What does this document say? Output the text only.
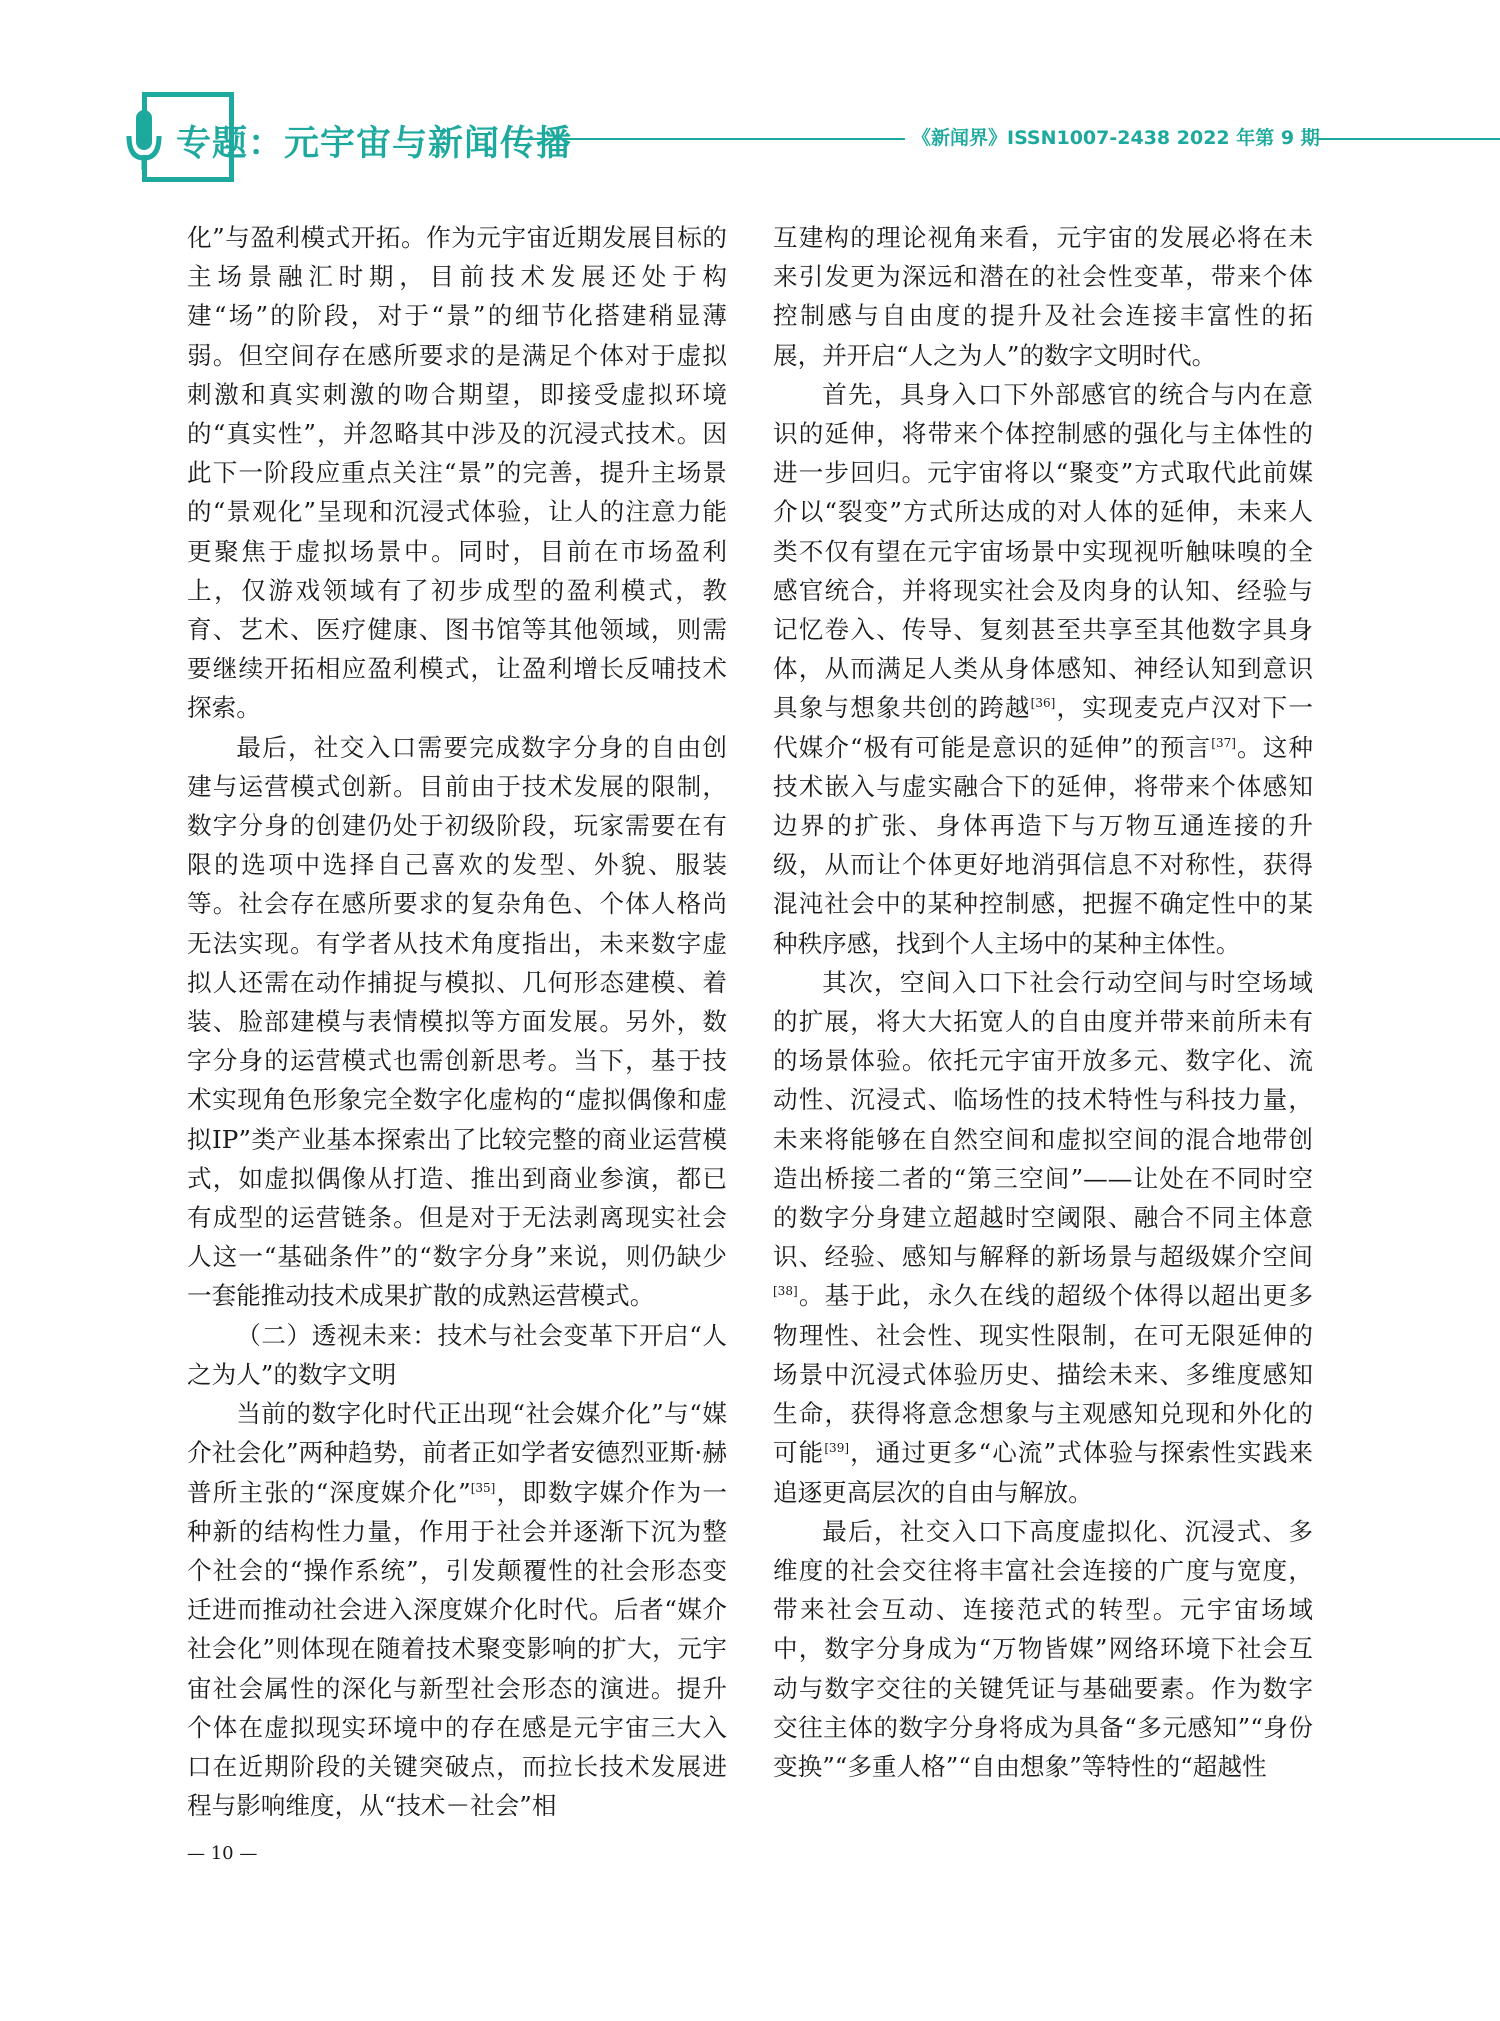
专题：元宇宙与新闻传播	《新闻界》ISSN1007-2438 2022 年第 9 期

化”与盈利模式开拓。作为元宇宙近期发展目标的主场景融汇时期，目前技术发展还处于构建“场”的阶段，对于“景”的细节化搭建稍显薄弱。但空间存在感所要求的是满足个体对于虚拟刺激和真实刺激的吻合期望，即接受虚拟环境的“真实性”，并忽略其中涉及的沉浸式技术。因此下一阶段应重点关注“景”的完善，提升主场景的“景观化”呈现和沉浸式体验，让人的注意力能更聚焦于虚拟场景中。同时，目前在市场盈利上，仅游戏领域有了初步成型的盈利模式，教育、艺术、医疗健康、图书馆等其他领域，则需要继续开拓相应盈利模式，让盈利增长反哺技术探索。

最后，社交入口需要完成数字分身的自由创建与运营模式创新。目前由于技术发展的限制，数字分身的创建仍处于初级阶段，玩家需要在有限的选项中选择自己喜欢的发型、外貌、服装等。社会存在感所要求的复杂角色、个体人格尚无法实现。有学者从技术角度指出，未来数字虚拟人还需在动作捕捉与模拟、几何形态建模、着装、脸部建模与表情模拟等方面发展。另外，数字分身的运营模式也需创新思考。当下，基于技术实现角色形象完全数字化虚构的“虚拟偶像和虚拟IP”类产业基本探索出了比较完整的商业运营模式，如虚拟偶像从打造、推出到商业参演，都已有成型的运营链条。但是对于无法剥离现实社会人这一“基础条件”的“数字分身”来说，则仍缺少一套能推动技术成果扩散的成熟运营模式。

（二）透视未来：技术与社会变革下开启“人之为人”的数字文明

当前的数字化时代正出现“社会媒介化”与“媒介社会化”两种趋势，前者正如学者安德烈亚斯·赫普所主张的“深度媒介化”[35]，即数字媒介作为一种新的结构性力量，作用于社会并逐渐下沉为整个社会的“操作系统”，引发颠覆性的社会形态变迁进而推动社会进入深度媒介化时代。后者“媒介社会化”则体现在随着技术聚变影响的扩大，元宇宙社会属性的深化与新型社会形态的演进。提升个体在虚拟现实环境中的存在感是元宇宙三大入口在近期阶段的关键突破点，而拉长技术发展进程与影响维度，从“技术－社会”相

互建构的理论视角来看，元宇宙的发展必将在未来引发更为深远和潜在的社会性变革，带来个体控制感与自由度的提升及社会连接丰富性的拓展，并开启“人之为人”的数字文明时代。

首先，具身入口下外部感官的统合与内在意识的延伸，将带来个体控制感的强化与主体性的进一步回归。元宇宙将以“聚变”方式取代此前媒介以“裂变”方式所达成的对人体的延伸，未来人类不仅有望在元宇宙场景中实现视听触味嗅的全感官统合，并将现实社会及肉身的认知、经验与记忆卷入、传导、复刻甚至共享至其他数字具身体，从而满足人类从身体感知、神经认知到意识具象与想象共创的跨越[36]，实现麦克卢汉对下一代媒介“极有可能是意识的延伸”的预言[37]。这种技术嵌入与虚实融合下的延伸，将带来个体感知边界的扩张、身体再造下与万物互通连接的升级，从而让个体更好地消弭信息不对称性，获得混沌社会中的某种控制感，把握不确定性中的某种秩序感，找到个人主场中的某种主体性。

其次，空间入口下社会行动空间与时空场域的扩展，将大大拓宽人的自由度并带来前所未有的场景体验。依托元宇宙开放多元、数字化、流动性、沉浸式、临场性的技术特性与科技力量，未来将能够在自然空间和虚拟空间的混合地带创造出桥接二者的“第三空间”——让处在不同时空的数字分身建立超越时空阈限、融合不同主体意识、经验、感知与解释的新场景与超级媒介空间[38]。基于此，永久在线的超级个体得以超出更多物理性、社会性、现实性限制，在可无限延伸的场景中沉浸式体验历史、描绘未来、多维度感知生命，获得将意念想象与主观感知兑现和外化的可能[39]，通过更多“心流”式体验与探索性实践来追逐更高层次的自由与解放。

最后，社交入口下高度虚拟化、沉浸式、多维度的社会交往将丰富社会连接的广度与宽度，带来社会互动、连接范式的转型。元宇宙场域中，数字分身成为“万物皆媒”网络环境下社会互动与数字交往的关键凭证与基础要素。作为数字交往主体的数字分身将成为具备“多元感知”“身份变换”“多重人格”“自由想象”等特性的“超越性

— 10 —
